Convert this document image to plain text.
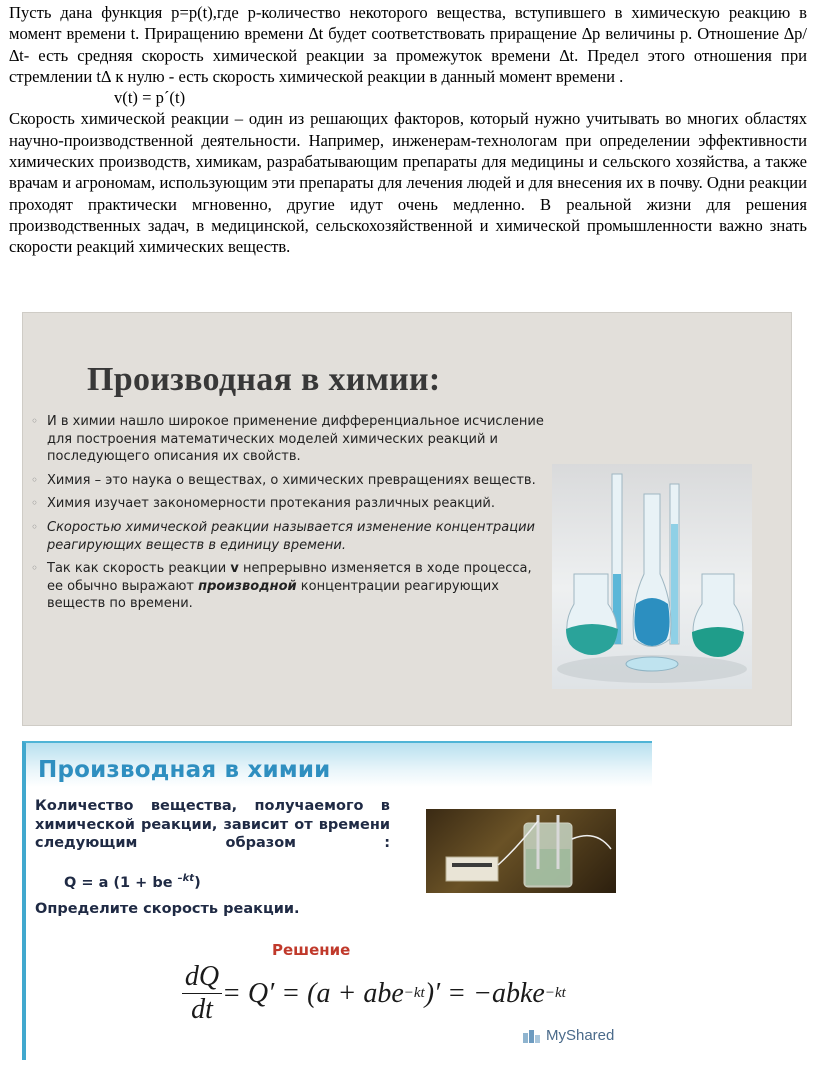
Пусть дана функция p=p(t),где p-количество некоторого вещества, вступившего в химическую реакцию в момент времени t. Приращению времени ∆t будет соответствовать приращение ∆p величины p. Отношение ∆p/∆t- есть средняя скорость химической реакции за промежуток времени ∆t. Предел этого отношения при стремлении t∆ к нулю - есть скорость химической реакции в данный момент времени .

v(t) = p´(t)

Скорость химической реакции – один из решающих факторов, который нужно учитывать во многих областях научно-производственной деятельности. Например, инженерам-технологам при определении эффективности химических производств, химикам, разрабатывающим препараты для медицины и сельского хозяйства, а также врачам и агрономам, использующим эти препараты для лечения людей и для внесения их в почву. Одни реакции проходят практически мгновенно, другие идут очень медленно. В реальной жизни для решения производственных задач, в медицинской, сельскохозяйственной и химической промышленности важно знать скорости реакций химических веществ.

Производная в химии:
◦ И в химии нашло широкое применение дифференциальное исчисление для построения математических моделей химических реакций и последующего описания их свойств.
◦ Химия – это наука о веществах, о химических превращениях веществ.
◦ Химия изучает закономерности протекания различных реакций.
◦ Скоростью химической реакции называется изменение концентрации реагирующих веществ в единицу времени.
◦ Так как скорость реакции v непрерывно изменяется в ходе процесса, ее обычно выражают производной концентрации реагирующих веществ по времени.
Производная в химии
Количество вещества, получаемого в химической реакции, зависит от времени следующим образом :
Q = a (1 + be $^{-kt}$)
Определите скорость реакции.
Решение
dQ
dt
= Q′ = (a + abe −kt )′ = −abke −kt
MyShared
